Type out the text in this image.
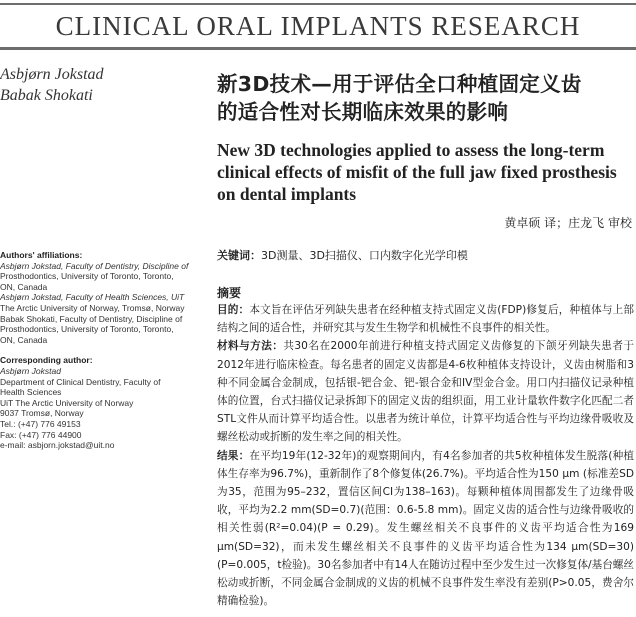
CLINICAL ORAL IMPLANTS RESEARCH
Asbjørn Jokstad
Babak Shokati	新3D技术—用于评估全口种植固定义齿
的适合性对长期临床效果的影响
New 3D technologies applied to assess the long-term
clinical effects of misfit of the full jaw fixed prosthesis
on dental implants
黄卓硕 译；庄龙飞 审校
Authors' affiliations:
Asbjørn Jokstad, Faculty of Dentistry, Discipline of
Prosthodontics, University of Toronto, Toronto,
ON, Canada
Asbjørn Jokstad, Faculty of Health Sciences, UiT
The Arctic University of Norway, Tromsø, Norway
Babak Shokati, Faculty of Dentistry, Discipline of
Prosthodontics, University of Toronto, Toronto,
ON, Canada
Corresponding author:
Asbjørn Jokstad
Department of Clinical Dentistry, Faculty of
Health Sciences
UiT The Arctic University of Norway
9037 Tromsø, Norway
Tel.: (+47) 776 49153
Fax: (+47) 776 44900
e-mail: asbjorn.jokstad@uit.no
关键词：3D测量、3D扫描仪、口内数字化光学印模
摘要

目的：本文旨在评估牙列缺失患者在经种植支持式固定义齿(FDP)修复后，种植体与上部结构之间的适合性，并研究其与发生生物学和机械性不良事件的相关性。

材料与方法：共30名在2000年前进行种植支持式固定义齿修复的下颌牙列缺失患者于2012年进行临床检查。每名患者的固定义齿都是4-6枚种植体支持设计，义齿由树脂和3种不同金属合金制成，包括银-钯合金、钯-银合金和IV型金合金。用口内扫描仪记录种植体的位置，台式扫描仪记录拆卸下的固定义齿的组织面，用工业计量软件数字化匹配二者STL文件从而计算平均适合性。以患者为统计单位，计算平均适合性与平均边缘骨吸收及螺丝松动或折断的发生率之间的相关性。

结果：在平均19年(12-32年)的观察期间内，有4名参加者的共5枚种植体发生脱落(种植体生存率为96.7%)，重新制作了8个修复体(26.7%)。平均适合性为150 μm (标准差SD为35，范围为95–232，置信区间CI为138–163)。每颗种植体周围都发生了边缘骨吸收，平均为2.2 mm(SD=0.7)(范围：0.6-5.8 mm)。固定义齿的适合性与边缘骨吸收的相关性弱(R²=0.04)(P = 0.29)。发生螺丝相关不良事件的义齿平均适合性为169 μm(SD=32)，而未发生螺丝相关不良事件的义齿平均适合性为134 μm(SD=30)(P=0.005，t检验)。30名参加者中有14人在随访过程中至少发生过一次修复体/基台螺丝松动或折断，不同金属合金制成的义齿的机械不良事件发生率没有差别(P>0.05，费舍尔精确检验)。
